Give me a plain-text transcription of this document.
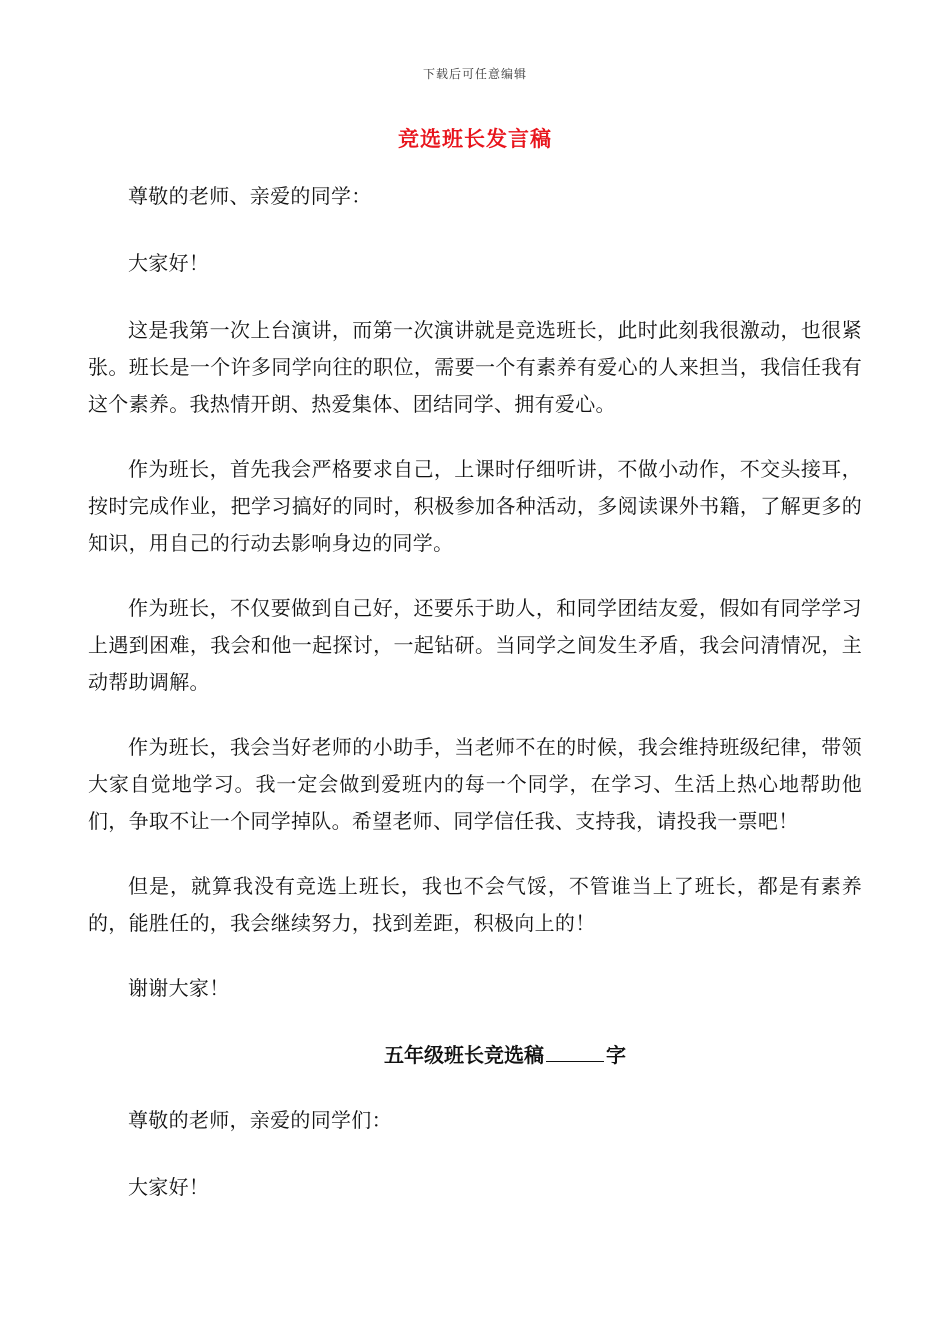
下载后可任意编辑
竞选班长发言稿

尊敬的老师、亲爱的同学：

大家好！

这是我第一次上台演讲，而第一次演讲就是竞选班长，此时此刻我很激动，也很紧张。班长是一个许多同学向往的职位，需要一个有素养有爱心的人来担当，我信任我有这个素养。我热情开朗、热爱集体、团结同学、拥有爱心。

作为班长，首先我会严格要求自己，上课时仔细听讲，不做小动作，不交头接耳，按时完成作业，把学习搞好的同时，积极参加各种活动，多阅读课外书籍，了解更多的知识，用自己的行动去影响身边的同学。

作为班长，不仅要做到自己好，还要乐于助人，和同学团结友爱，假如有同学学习上遇到困难，我会和他一起探讨，一起钻研。当同学之间发生矛盾，我会问清情况，主动帮助调解。

作为班长，我会当好老师的小助手，当老师不在的时候，我会维持班级纪律，带领大家自觉地学习。我一定会做到爱班内的每一个同学，在学习、生活上热心地帮助他们，争取不让一个同学掉队。希望老师、同学信任我、支持我，请投我一票吧！

但是，就算我没有竞选上班长，我也不会气馁，不管谁当上了班长，都是有素养的，能胜任的，我会继续努力，找到差距，积极向上的！

谢谢大家！

五年级班长竞选稿	字

尊敬的老师，亲爱的同学们：

大家好！
